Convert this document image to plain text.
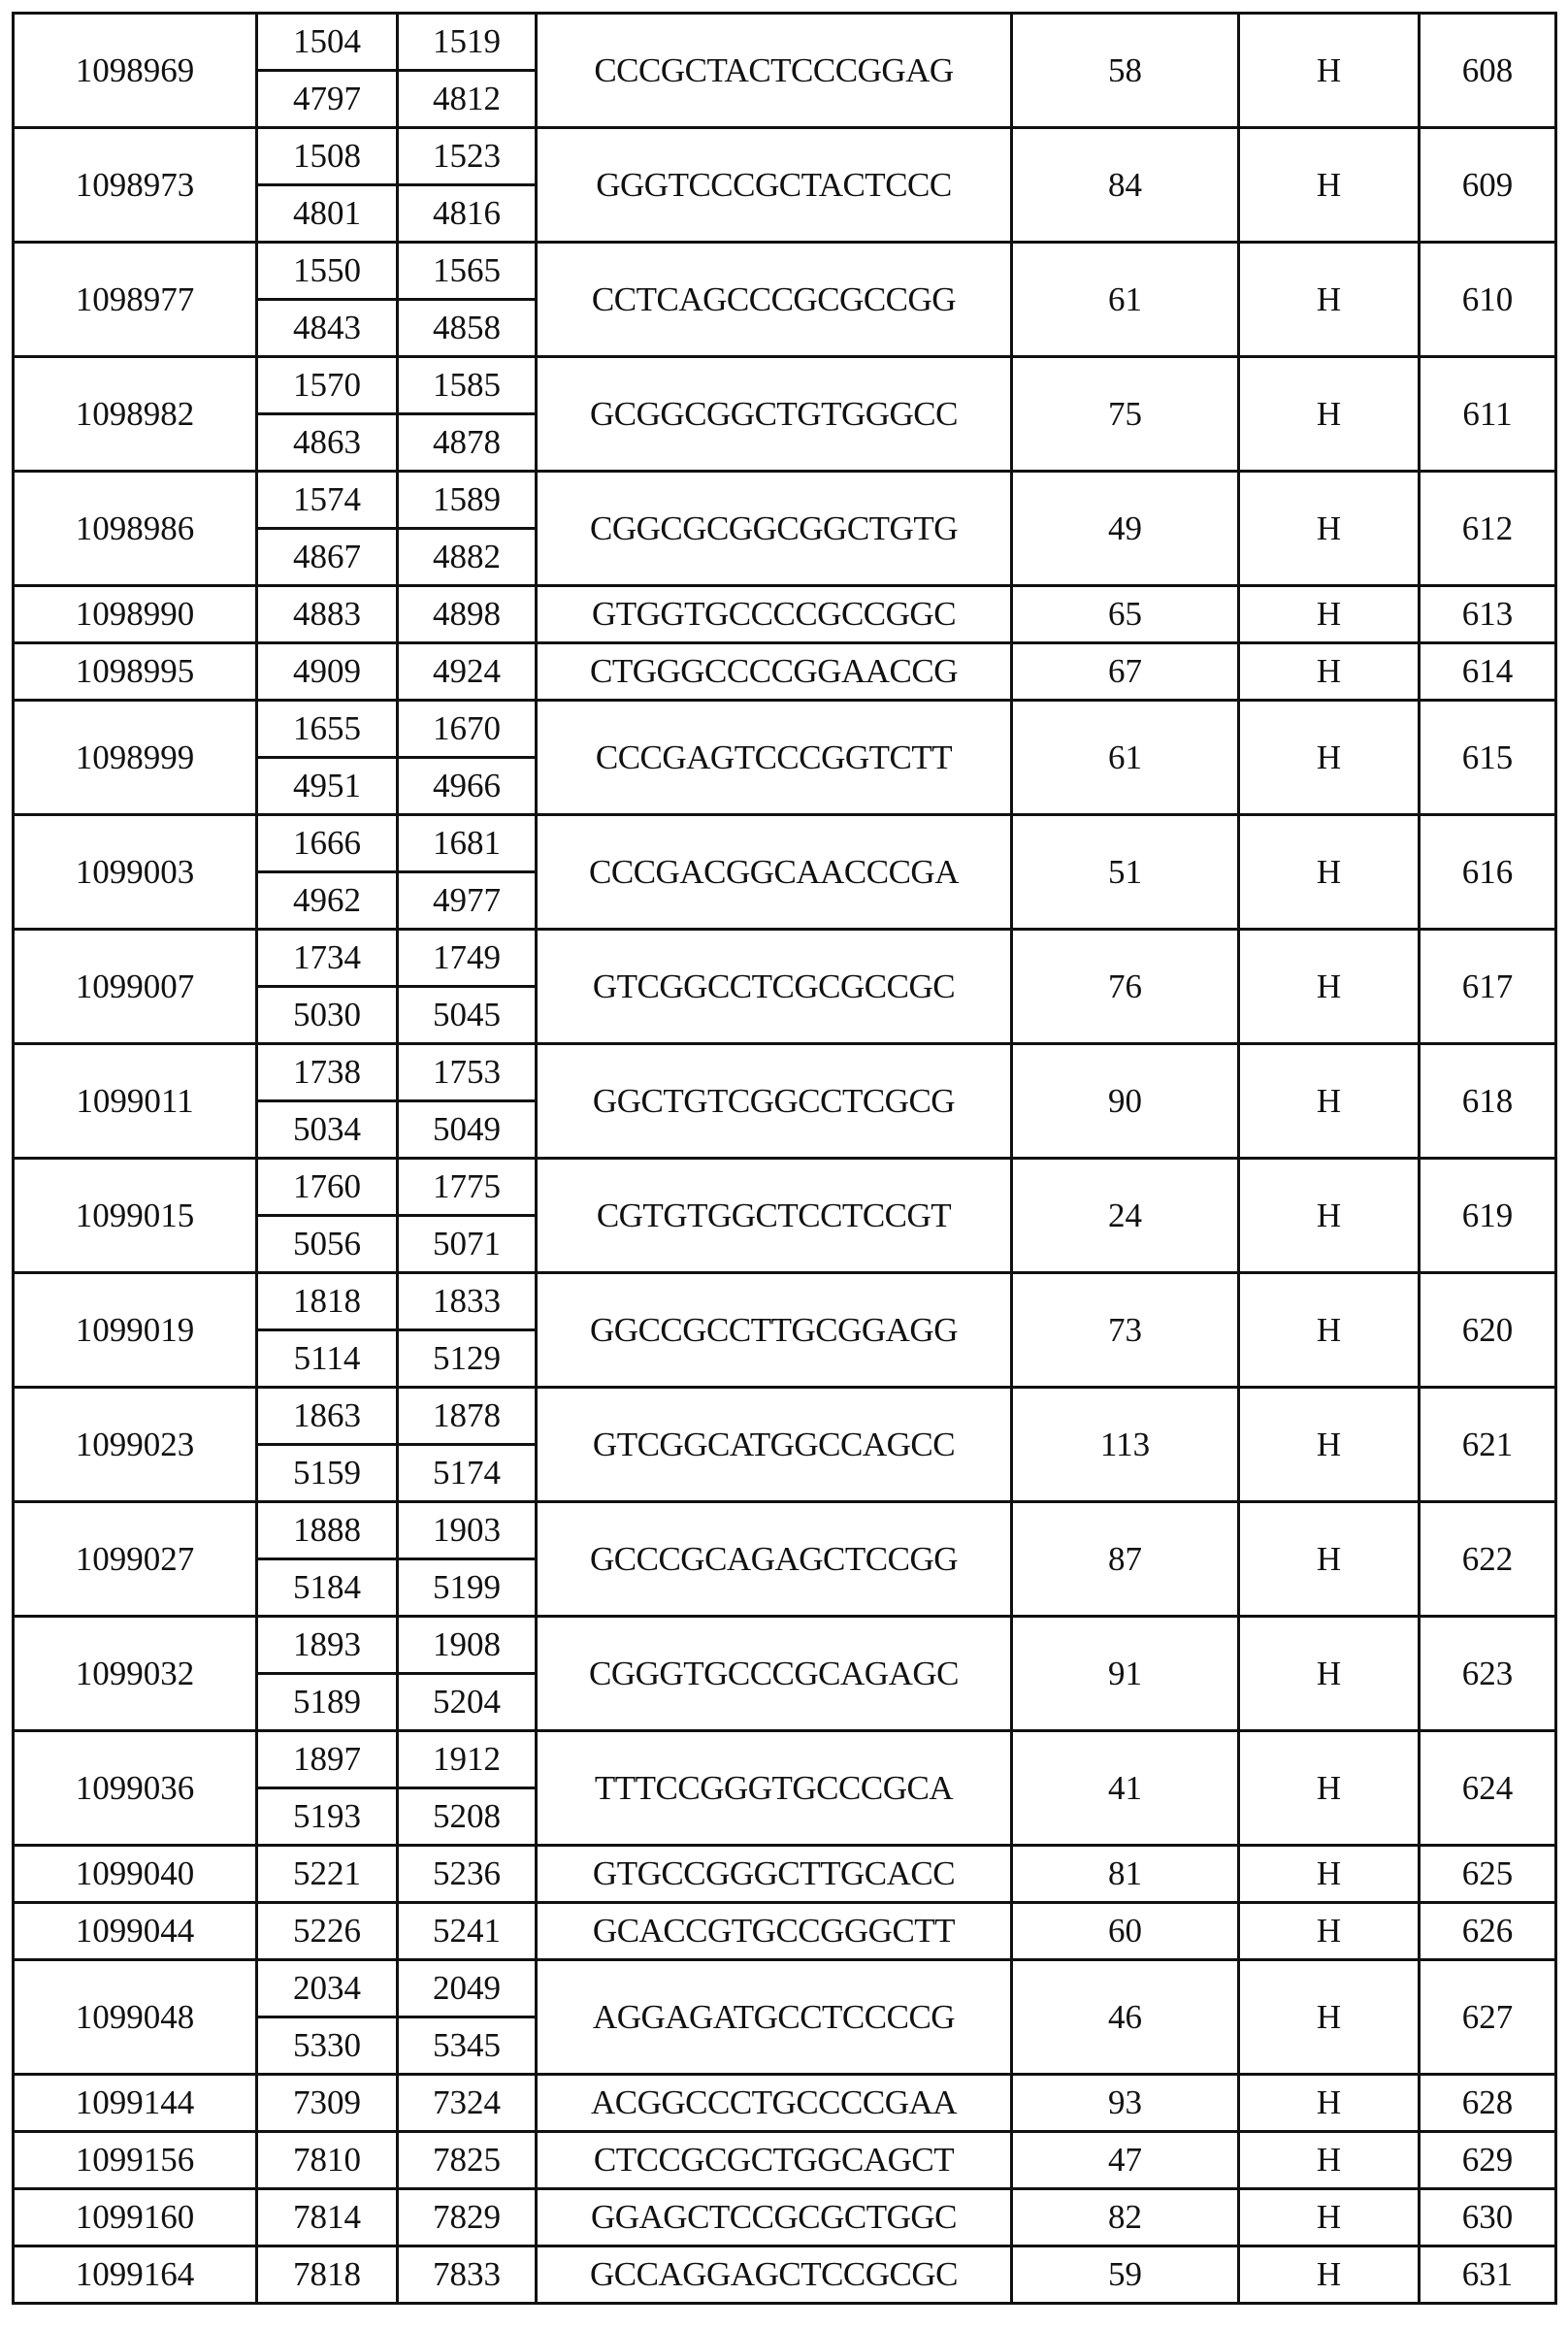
1098969	1504	1519	CCCGCTACTCCCGGAG	58	H	608
4797	4812
1098973	1508	1523	GGGTCCCGCTACTCCC	84	H	609
4801	4816
1098977	1550	1565	CCTCAGCCCGCGCCGG	61	H	610
4843	4858
1098982	1570	1585	GCGGCGGCTGTGGGCC	75	H	611
4863	4878
1098986	1574	1589	CGGCGCGGCGGCTGTG	49	H	612
4867	4882
1098990	4883	4898	GTGGTGCCCCGCCGGC	65	H	613
1098995	4909	4924	CTGGGCCCCGGAACCG	67	H	614
1098999	1655	1670	CCCGAGTCCCGGTCTT	61	H	615
4951	4966
1099003	1666	1681	CCCGACGGCAACCCGA	51	H	616
4962	4977
1099007	1734	1749	GTCGGCCTCGCGCCGC	76	H	617
5030	5045
1099011	1738	1753	GGCTGTCGGCCTCGCG	90	H	618
5034	5049
1099015	1760	1775	CGTGTGGCTCCTCCGT	24	H	619
5056	5071
1099019	1818	1833	GGCCGCCTTGCGGAGG	73	H	620
5114	5129
1099023	1863	1878	GTCGGCATGGCCAGCC	113	H	621
5159	5174
1099027	1888	1903	GCCCGCAGAGCTCCGG	87	H	622
5184	5199
1099032	1893	1908	CGGGTGCCCGCAGAGC	91	H	623
5189	5204
1099036	1897	1912	TTTCCGGGTGCCCGCA	41	H	624
5193	5208
1099040	5221	5236	GTGCCGGGCTTGCACC	81	H	625
1099044	5226	5241	GCACCGTGCCGGGCTT	60	H	626
1099048	2034	2049	AGGAGATGCCTCCCCG	46	H	627
5330	5345
1099144	7309	7324	ACGGCCCTGCCCCGAA	93	H	628
1099156	7810	7825	CTCCGCGCTGGCAGCT	47	H	629
1099160	7814	7829	GGAGCTCCGCGCTGGC	82	H	630
1099164	7818	7833	GCCAGGAGCTCCGCGC	59	H	631
